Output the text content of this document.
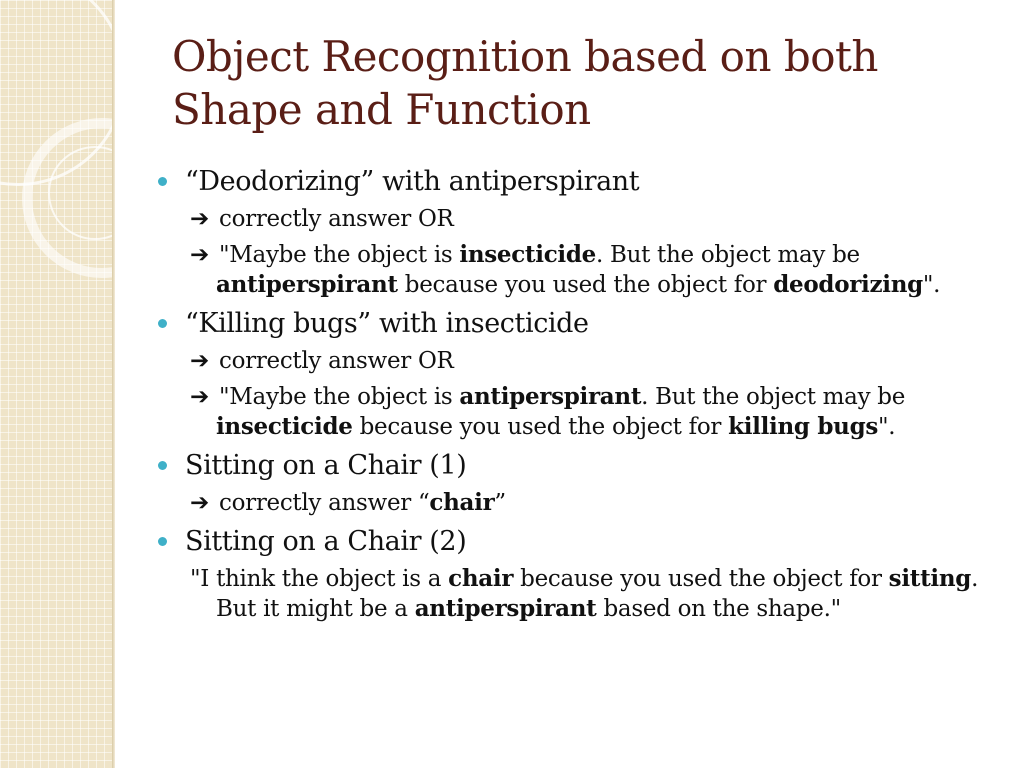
Object Recognition based on both Shape and Function
“Deodorizing” with antiperspirant
➔ correctly answer OR
➔ "Maybe the object is insecticide. But the object may be antiperspirant because you used the object for deodorizing".
“Killing bugs” with insecticide
➔ correctly answer OR
➔ "Maybe the object is antiperspirant. But the object may be insecticide because you used the object for killing bugs".
Sitting on a Chair (1)
➔ correctly answer “chair”
Sitting on a Chair (2)
"I think the object is a chair because you used the object for sitting. But it might be a antiperspirant based on the shape."
